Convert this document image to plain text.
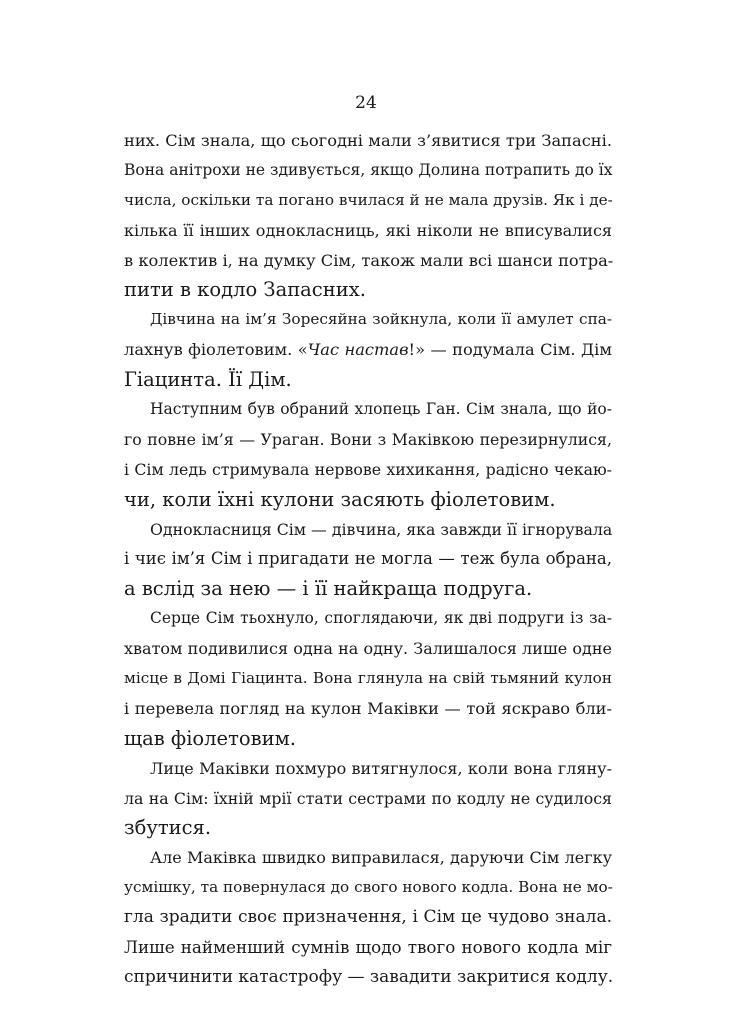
24
них. Сім знала, що сьогодні мали з’явитися три Запасні.
Вона анітрохи не здивується, якщо Долина потрапить до їх
числа, оскільки та погано вчилася й не мала друзів. Як і де-
кілька її інших однокласниць, які ніколи не вписувалися
в колектив і, на думку Сім, також мали всі шанси потра-
пити в кодло Запасних.
Дівчина на ім’я Зоресяйна зойкнула, коли її амулет спа-
лахнув фіолетовим. «Час настав!» — подумала Сім. Дім
Гіацинта. Її Дім.
Наступним був обраний хлопець Ган. Сім знала, що йо-
го повне ім’я — Ураган. Вони з Маківкою перезирнулися,
і Сім ледь стримувала нервове хихикання, радісно чекаю-
чи, коли їхні кулони засяють фіолетовим.
Однокласниця Сім — дівчина, яка завжди її ігнорувала
і чиє ім’я Сім і пригадати не могла — теж була обрана,
а вслід за нею — і її найкраща подруга.
Серце Сім тьохнуло, споглядаючи, як дві подруги із за-
хватом подивилися одна на одну. Залишалося лише одне
місце в Домі Гіацинта. Вона глянула на свій тьмяний кулон
і перевела погляд на кулон Маківки — той яскраво бли-
щав фіолетовим.
Лице Маківки похмуро витягнулося, коли вона гляну-
ла на Сім: їхній мрії стати сестрами по кодлу не судилося
збутися.
Але Маківка швидко виправилася, даруючи Сім легку
усмішку, та повернулася до свого нового кодла. Вона не мо-
гла зрадити своє призначення, і Сім це чудово знала.
Лише найменший сумнів щодо твого нового кодла міг
спричинити катастрофу — завадити закритися кодлу.
